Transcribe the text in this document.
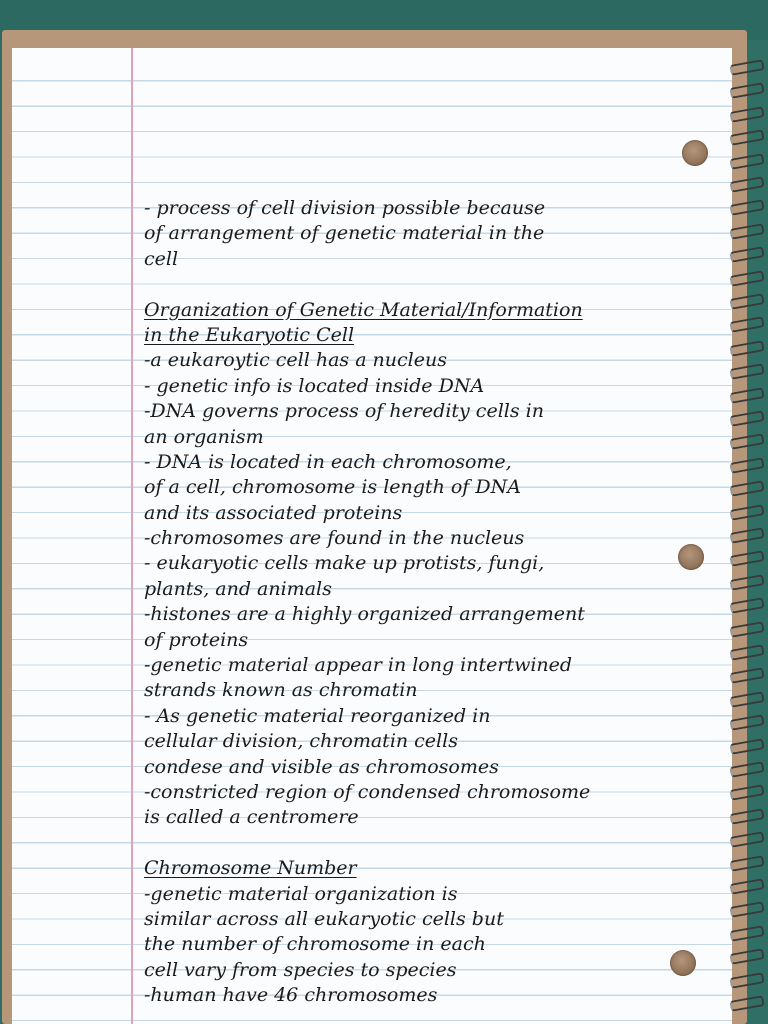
- process of cell division possible because
of arrangement of genetic material in the
cell
Organization of Genetic Material/Information
in the Eukaryotic Cell
-a eukaroytic cell has a nucleus
- genetic info is located inside DNA
-DNA governs process of heredity cells in
an organism
- DNA is located in each chromosome,
of a cell, chromosome is length of DNA
and its associated proteins
-chromosomes are found in the nucleus
- eukaryotic cells make up protists, fungi,
plants, and animals
-histones are a highly organized arrangement
of proteins
-genetic material appear in long intertwined
strands known as chromatin
- As genetic material reorganized in
cellular division, chromatin cells
condese and visible as chromosomes
-constricted region of condensed chromosome
is called a centromere
Chromosome Number
-genetic material organization is
similar across all eukaryotic cells but
the number of chromosome in each
cell vary from species to species
-human have 46 chromosomes
